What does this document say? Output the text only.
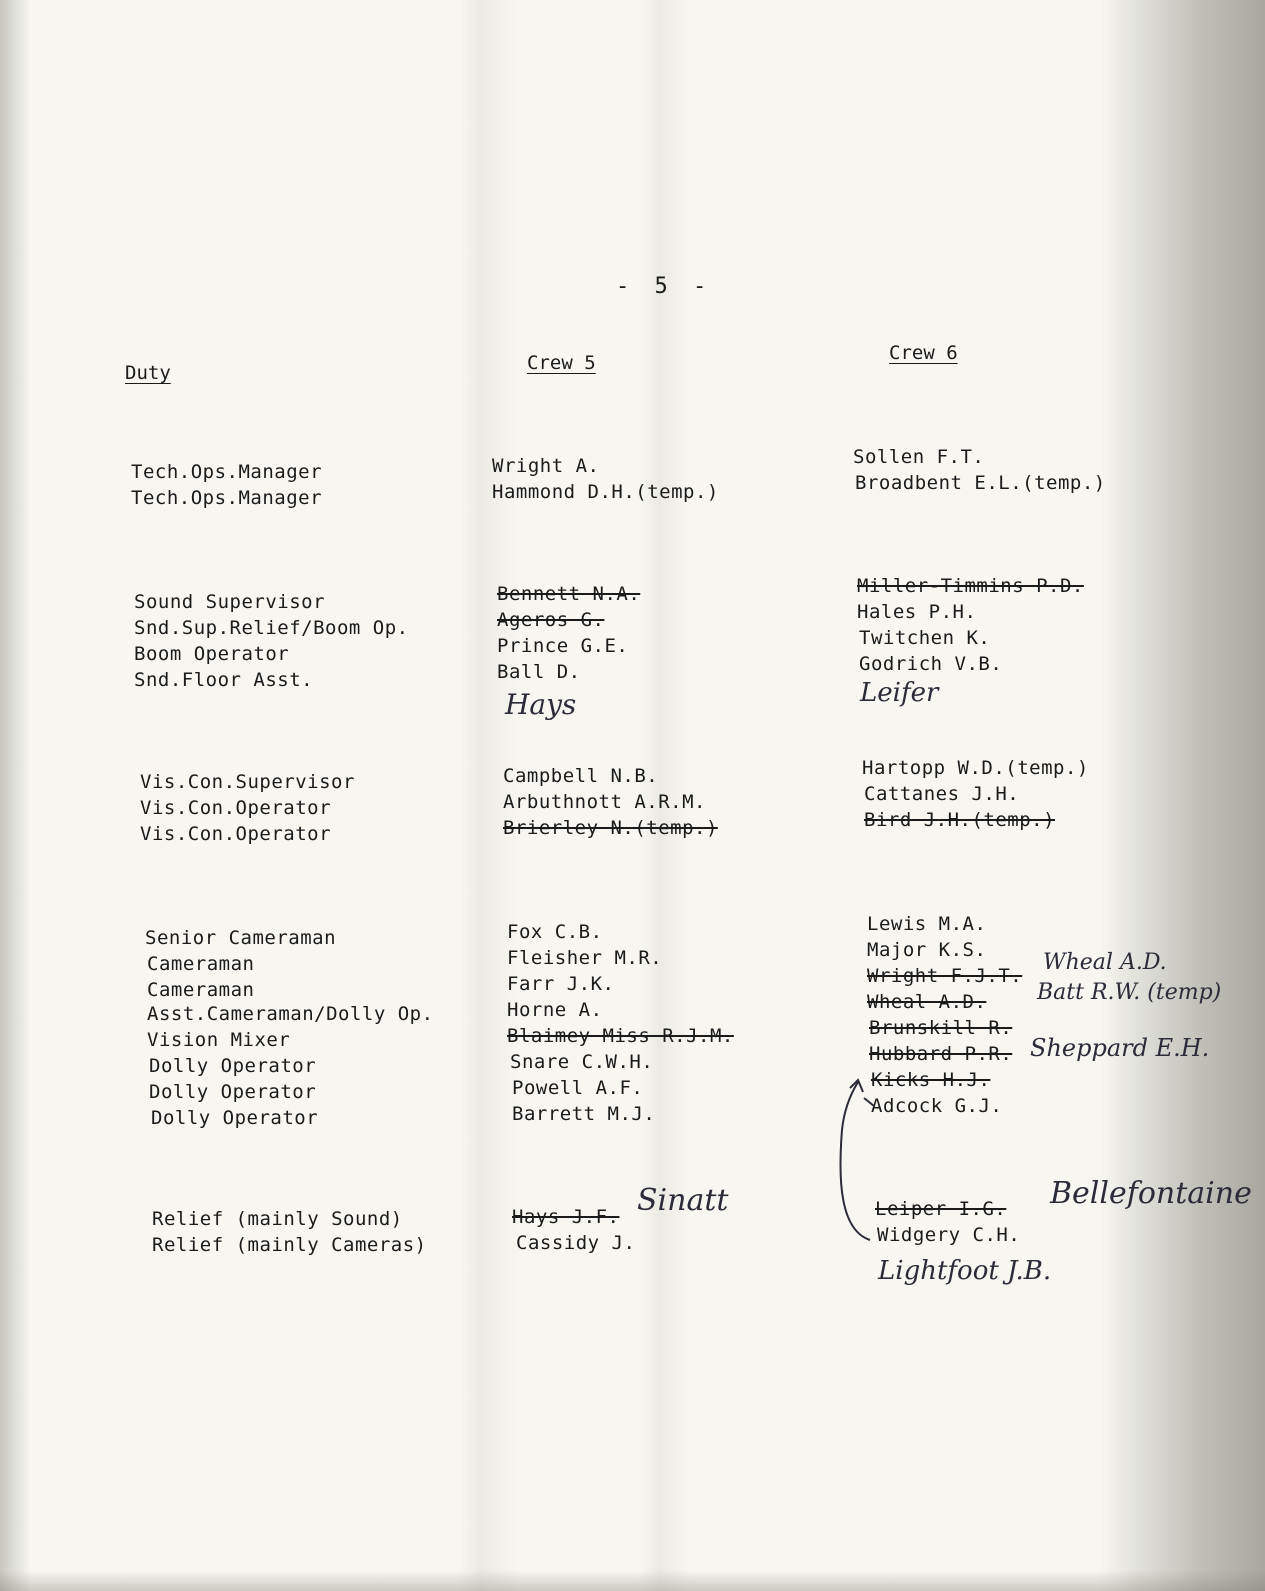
- 5 -
Duty	Crew 5	Crew 6
Tech.Ops.Manager
Tech.Ops.Manager
Sound Supervisor
Snd.Sup.Relief/Boom Op.
Boom Operator
Snd.Floor Asst.
Vis.Con.Supervisor
Vis.Con.Operator
Vis.Con.Operator
Senior Cameraman
Cameraman
Cameraman
Asst.Cameraman/Dolly Op.
Vision Mixer
Dolly Operator
Dolly Operator
Dolly Operator
Relief (mainly Sound)
Relief (mainly Cameras)
Wright A.
Hammond D.H.(temp.)
Bennett N.A.
Ageros G.
Prince G.E.
Ball D.
Hays
Campbell N.B.
Arbuthnott A.R.M.
Brierley N.(temp.)
Fox C.B.
Fleisher M.R.
Farr J.K.
Horne A.
Blaimey Miss R.J.M.
Snare C.W.H.
Powell A.F.
Barrett M.J.
Hays J.F. Sinatt
Cassidy J.
Sollen F.T.
Broadbent E.L.(temp.)
Miller-Timmins P.D.
Hales P.H.
Twitchen K.
Godrich V.B.
Leifer
Hartopp W.D.(temp.)
Cattanes J.H.
Bird J.H.(temp.)
Lewis M.A.
Major K.S.
Wright F.J.T.
Wheal A.D.
Wheal A.D. Batt R.W. (temp)
Brunskill R.
Hubbard P.R. Sheppard E.H.
Kicks H.J.
Adcock G.J.
Leiper I.G. Bellefontaine
Widgery C.H.
Lightfoot J.B.
